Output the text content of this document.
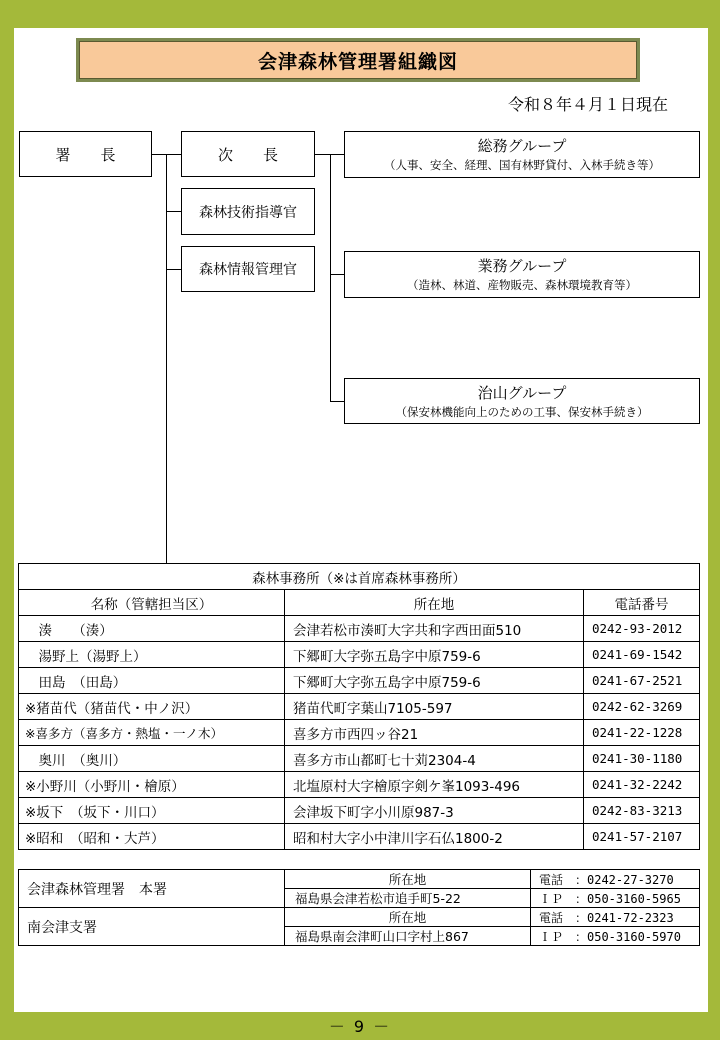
会津森林管理署組織図
令和８年４月１日現在
署　　長	次　　長
森林技術指導官
森林情報管理官
総務グループ
（人事、安全、経理、国有林野貸付、入林手続き等）
業務グループ
（造林、林道、産物販売、森林環境教育等）
治山グループ
（保安林機能向上のための工事、保安林手続き）
森林事務所（※は首席森林事務所）		
名称（管轄担当区）	所在地	電話番号
　湊　　（湊）	会津若松市湊町大字共和字西田面510	0242-93-2012
　湯野上（湯野上）	下郷町大字弥五島字中原759-6	0241-69-1542
　田島　（田島）	下郷町大字弥五島字中原759-6	0241-67-2521
※猪苗代（猪苗代・中ノ沢）	猪苗代町字葉山7105-597	0242-62-3269
※喜多方（喜多方・熱塩・一ノ木）	喜多方市西四ッ谷21	0241-22-1228
　奥川　（奥川）	喜多方市山都町七十苅2304-4	0241-30-1180
※小野川（小野川・檜原）	北塩原村大字檜原字剣ケ峯1093-496	0241-32-2242
※坂下　（坂下・川口）	会津坂下町字小川原987-3	0242-83-3213
※昭和　（昭和・大芦）	昭和村大字小中津川字石仏1800-2	0241-57-2107
会津森林管理署　本署	所在地	電話　：0242-27-3270
	福島県会津若松市追手町5-22	ＩＰ　：050-3160-5965
南会津支署	所在地	電話　：0241-72-2323
	福島県南会津町山口字村上867	ＩＰ　：050-3160-5970
－ 9 －
